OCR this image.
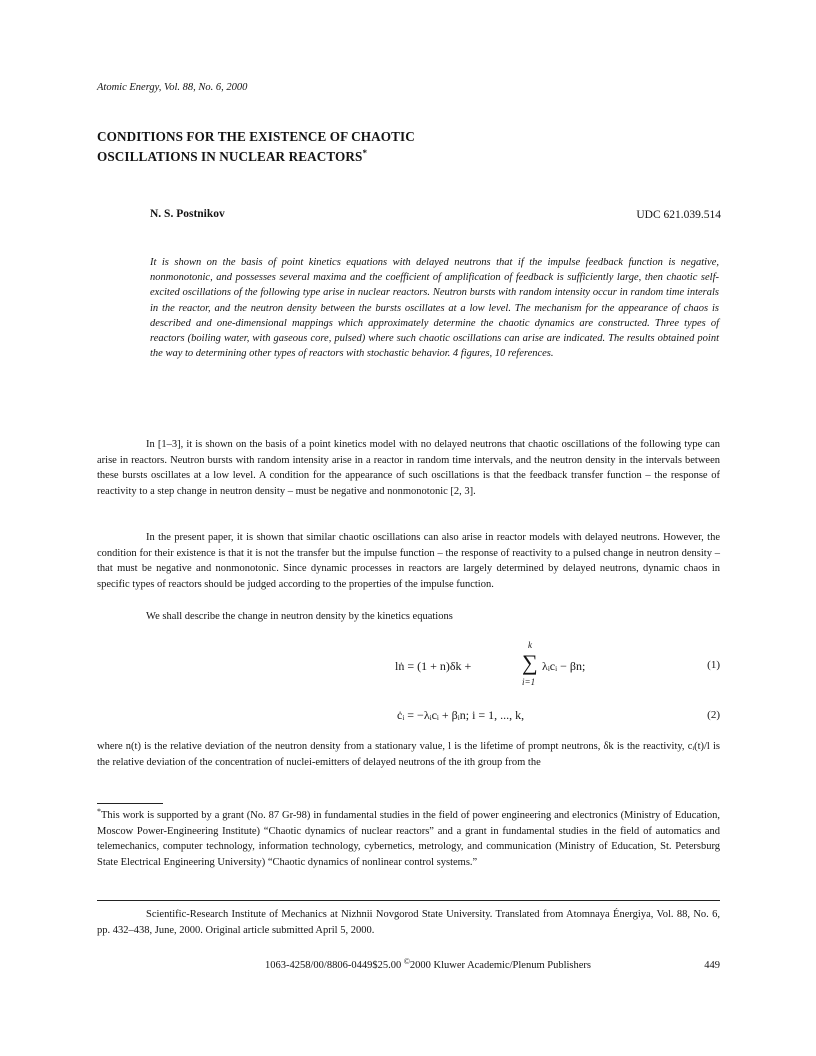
Atomic Energy, Vol. 88, No. 6, 2000
CONDITIONS FOR THE EXISTENCE OF CHAOTIC
OSCILLATIONS IN NUCLEAR REACTORS*
N. S. Postnikov	UDC 621.039.514
It is shown on the basis of point kinetics equations with delayed neutrons that if the impulse feedback function is negative, nonmonotonic, and possesses several maxima and the coefficient of amplification of feedback is sufficiently large, then chaotic self-excited oscillations of the following type arise in nuclear reactors. Neutron bursts with random intensity occur in random time interals in the reactor, and the neutron density between the bursts oscillates at a low level. The mechanism for the appearance of chaos is described and one-dimensional mappings which approximately determine the chaotic dynamics are constructed. Three types of reactors (boiling water, with gaseous core, pulsed) where such chaotic oscillations can arise are indicated. The results obtained point the way to determining other types of reactors with stochastic behavior. 4 figures, 10 references.

In [1–3], it is shown on the basis of a point kinetics model with no delayed neutrons that chaotic oscillations of the following type can arise in reactors. Neutron bursts with random intensity arise in a reactor in random time intervals, and the neutron density in the intervals between these bursts oscillates at a low level. A condition for the appearance of such oscillations is that the feedback transfer function – the response of reactivity to a step change in neutron density – must be negative and nonmonotonic [2, 3].

In the present paper, it is shown that similar chaotic oscillations can also arise in reactor models with delayed neutrons. However, the condition for their existence is that it is not the transfer but the impulse function – the response of reactivity to a pulsed change in neutron density – that must be negative and nonmonotonic. Since dynamic processes in reactors are largely determined by delayed neutrons, dynamic chaos in specific types of reactors should be judged according to the properties of the impulse function.

We shall describe the change in neutron density by the kinetics equations

lṅ = (1 + n)δk +
k
∑
i=1
λᵢcᵢ − βn;	(1)
ċᵢ = −λᵢcᵢ + βᵢn; i = 1, ..., k,	(2)

where n(t) is the relative deviation of the neutron density from a stationary value, l is the lifetime of prompt neutrons, δk is the reactivity, cᵢ(t)/l is the relative deviation of the concentration of nuclei-emitters of delayed neutrons of the ith group from the

*This work is supported by a grant (No. 87 Gr-98) in fundamental studies in the field of power engineering and electronics (Ministry of Education, Moscow Power-Engineering Institute) “Chaotic dynamics of nuclear reactors” and a grant in fundamental studies in the field of automatics and telemechanics, computer technology, information technology, cybernetics, metrology, and communication (Ministry of Education, St. Petersburg State Electrical Engineering University) “Chaotic dynamics of nonlinear control systems.”
Scientific-Research Institute of Mechanics at Nizhnii Novgorod State University. Translated from Atomnaya Énergiya, Vol. 88, No. 6, pp. 432–438, June, 2000. Original article submitted April 5, 2000.
1063-4258/00/8806-0449$25.00 ©2000 Kluwer Academic/Plenum Publishers	449
